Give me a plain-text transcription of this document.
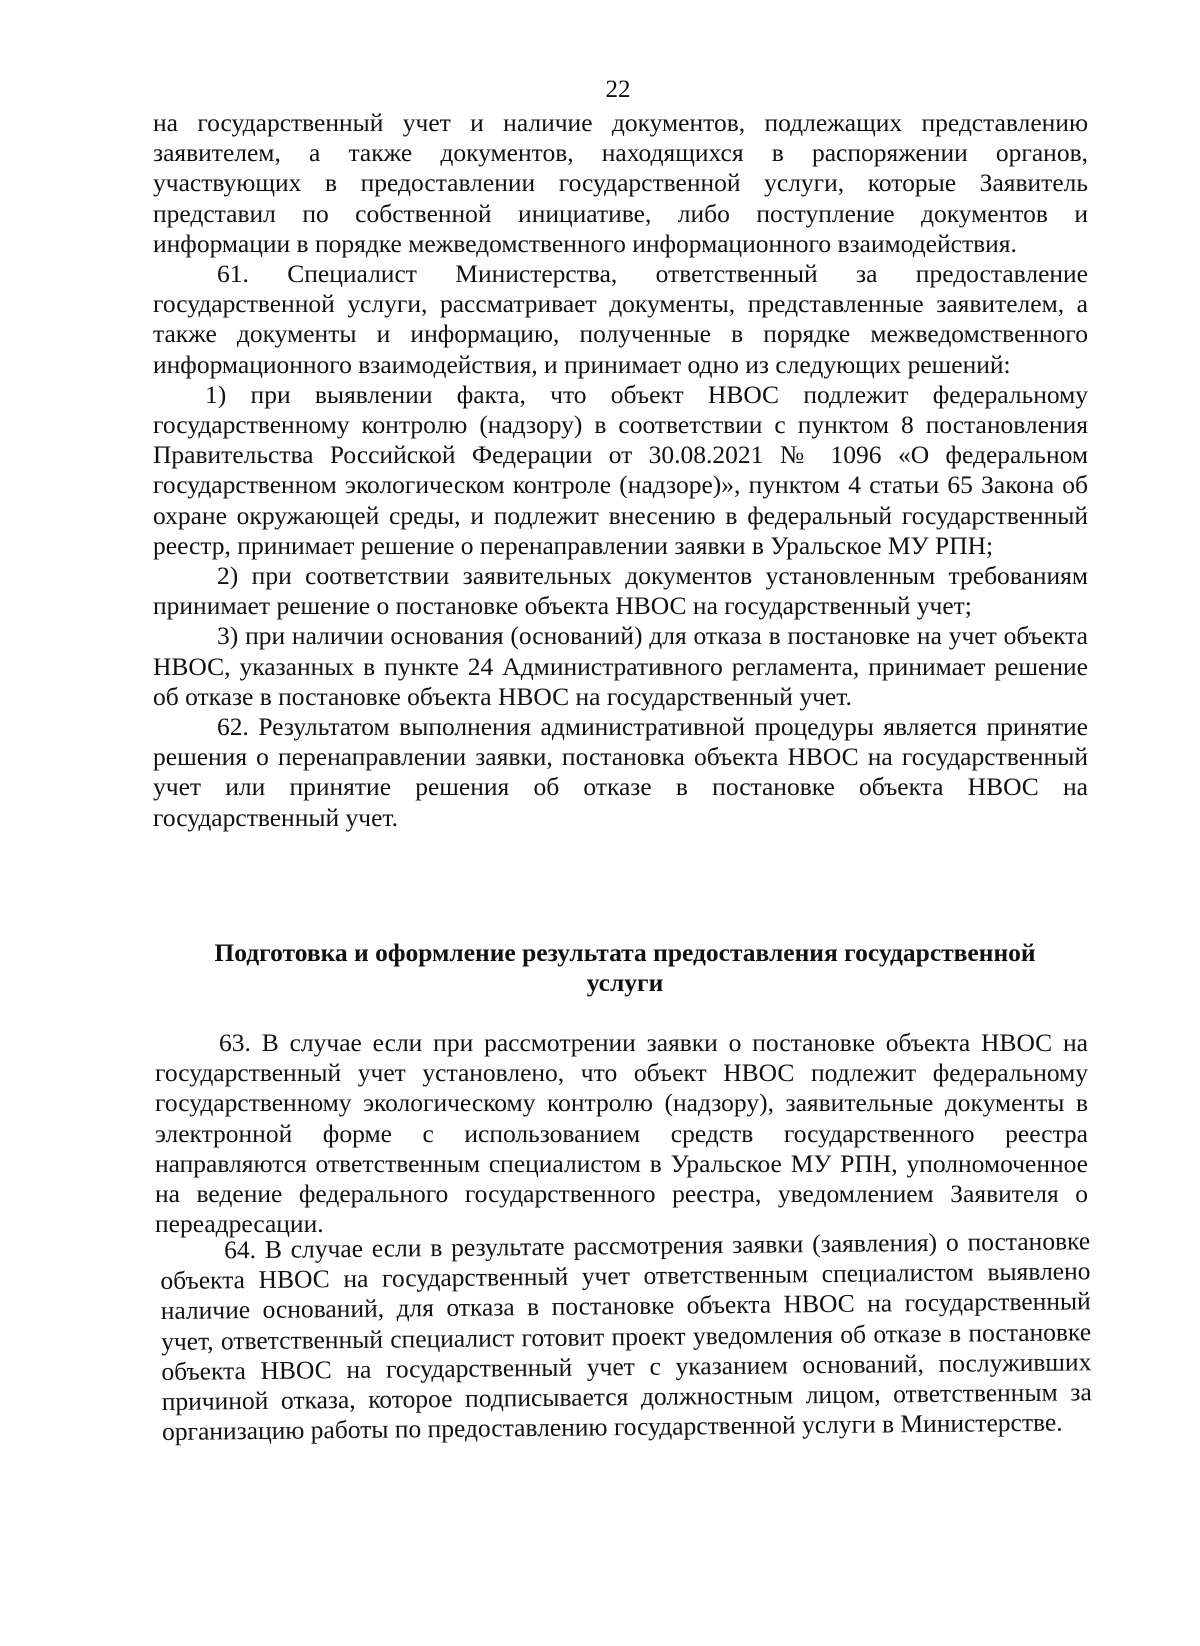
22

на государственный учет и наличие документов, подлежащих представлению заявителем, а также документов, находящихся в распоряжении органов, участвующих в предоставлении государственной услуги, которые Заявитель представил по собственной инициативе, либо поступление документов и информации в порядке межведомственного информационного взаимодействия.

61. Специалист Министерства, ответственный за предоставление государственной услуги, рассматривает документы, представленные заявителем, а также документы и информацию, полученные в порядке межведомственного информационного взаимодействия, и принимает одно из следующих решений:

1) при выявлении факта, что объект НВОС подлежит федеральному государственному контролю (надзору) в соответствии с пунктом 8 постановления Правительства Российской Федерации от 30.08.2021 № 1096 «О федеральном государственном экологическом контроле (надзоре)», пунктом 4 статьи 65 Закона об охране окружающей среды, и подлежит внесению в федеральный государственный реестр, принимает решение о перенаправлении заявки в Уральское МУ РПН;

2) при соответствии заявительных документов установленным требованиям принимает решение о постановке объекта НВОС на государственный учет;

3) при наличии основания (оснований) для отказа в постановке на учет объекта НВОС, указанных в пункте 24 Административного регламента, принимает решение об отказе в постановке объекта НВОС на государственный учет.

62. Результатом выполнения административной процедуры является принятие решения о перенаправлении заявки, постановка объекта НВОС на государственный учет или принятие решения об отказе в постановке объекта НВОС на государственный учет.

Подготовка и оформление результата предоставления государственной услуги

63. В случае если при рассмотрении заявки о постановке объекта НВОС на государственный учет установлено, что объект НВОС подлежит федеральному государственному экологическому контролю (надзору), заявительные документы в электронной форме с использованием средств государственного реестра направляются ответственным специалистом в Уральское МУ РПН, уполномоченное на ведение федерального государственного реестра, уведомлением Заявителя о переадресации.

64. В случае если в результате рассмотрения заявки (заявления) о постановке объекта НВОС на государственный учет ответственным специалистом выявлено наличие оснований, для отказа в постановке объекта НВОС на государственный учет, ответственный специалист готовит проект уведомления об отказе в постановке объекта НВОС на государственный учет с указанием оснований, послуживших причиной отказа, которое подписывается должностным лицом, ответственным за организацию работы по предоставлению государственной услуги в Министерстве.
